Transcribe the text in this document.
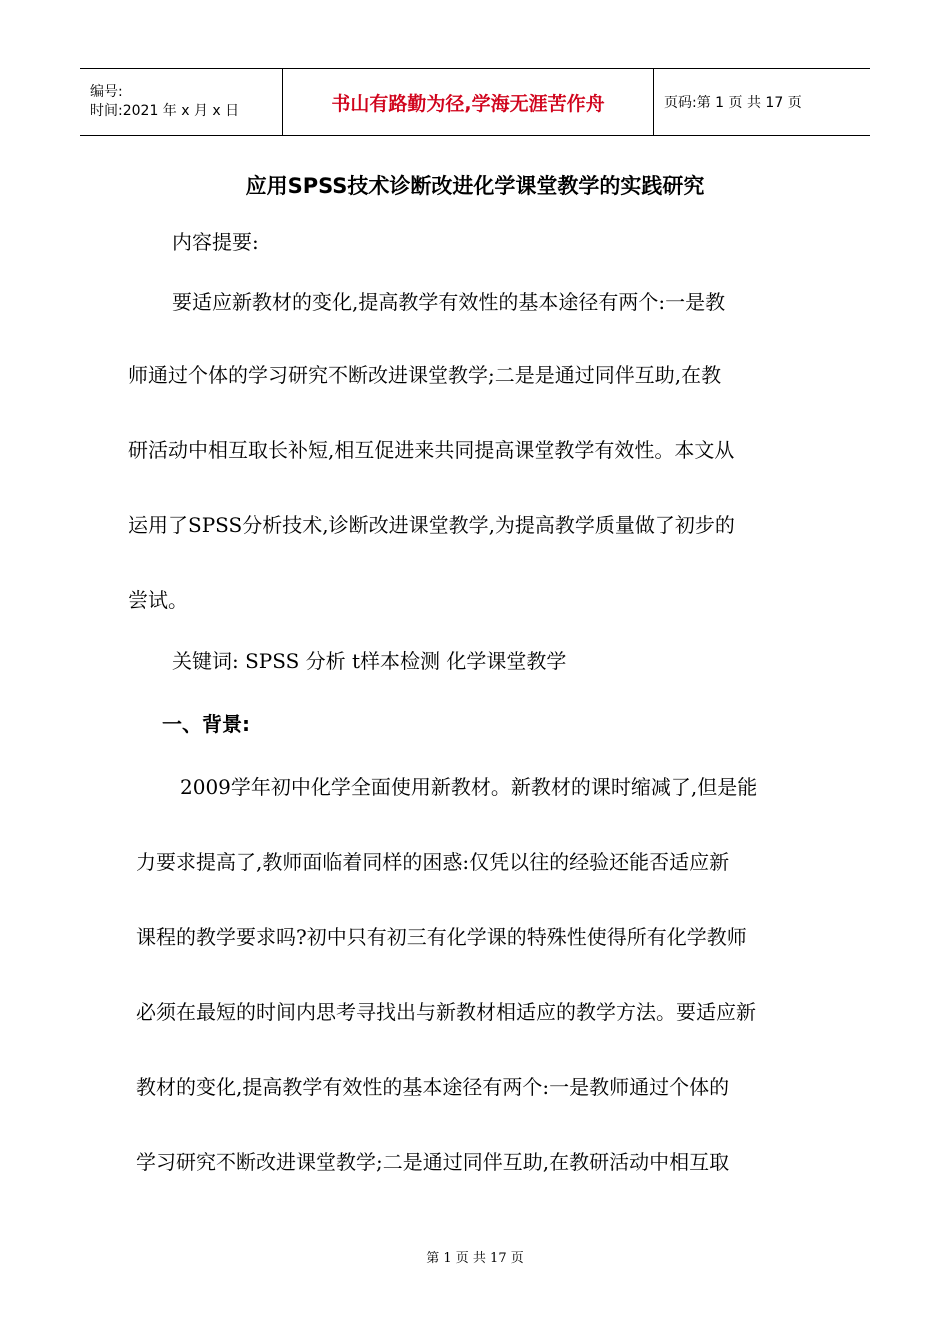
编号:
时间:2021 年 x 月 x 日	书山有路勤为径,学海无涯苦作舟	页码:第 1 页 共 17 页
应用SPSS技术诊断改进化学课堂教学的实践研究
内容提要:
要适应新教材的变化,提高教学有效性的基本途径有两个:一是教
师通过个体的学习研究不断改进课堂教学;二是是通过同伴互助,在教
研活动中相互取长补短,相互促进来共同提高课堂教学有效性。本文从
运用了SPSS分析技术,诊断改进课堂教学,为提高教学质量做了初步的
尝试。
关键词: SPSS 分析 t样本检测 化学课堂教学
一、背景:
2009学年初中化学全面使用新教材。新教材的课时缩减了,但是能
力要求提高了,教师面临着同样的困惑:仅凭以往的经验还能否适应新
课程的教学要求吗?初中只有初三有化学课的特殊性使得所有化学教师
必须在最短的时间内思考寻找出与新教材相适应的教学方法。要适应新
教材的变化,提高教学有效性的基本途径有两个:一是教师通过个体的
学习研究不断改进课堂教学;二是通过同伴互助,在教研活动中相互取
第 1 页 共 17 页
